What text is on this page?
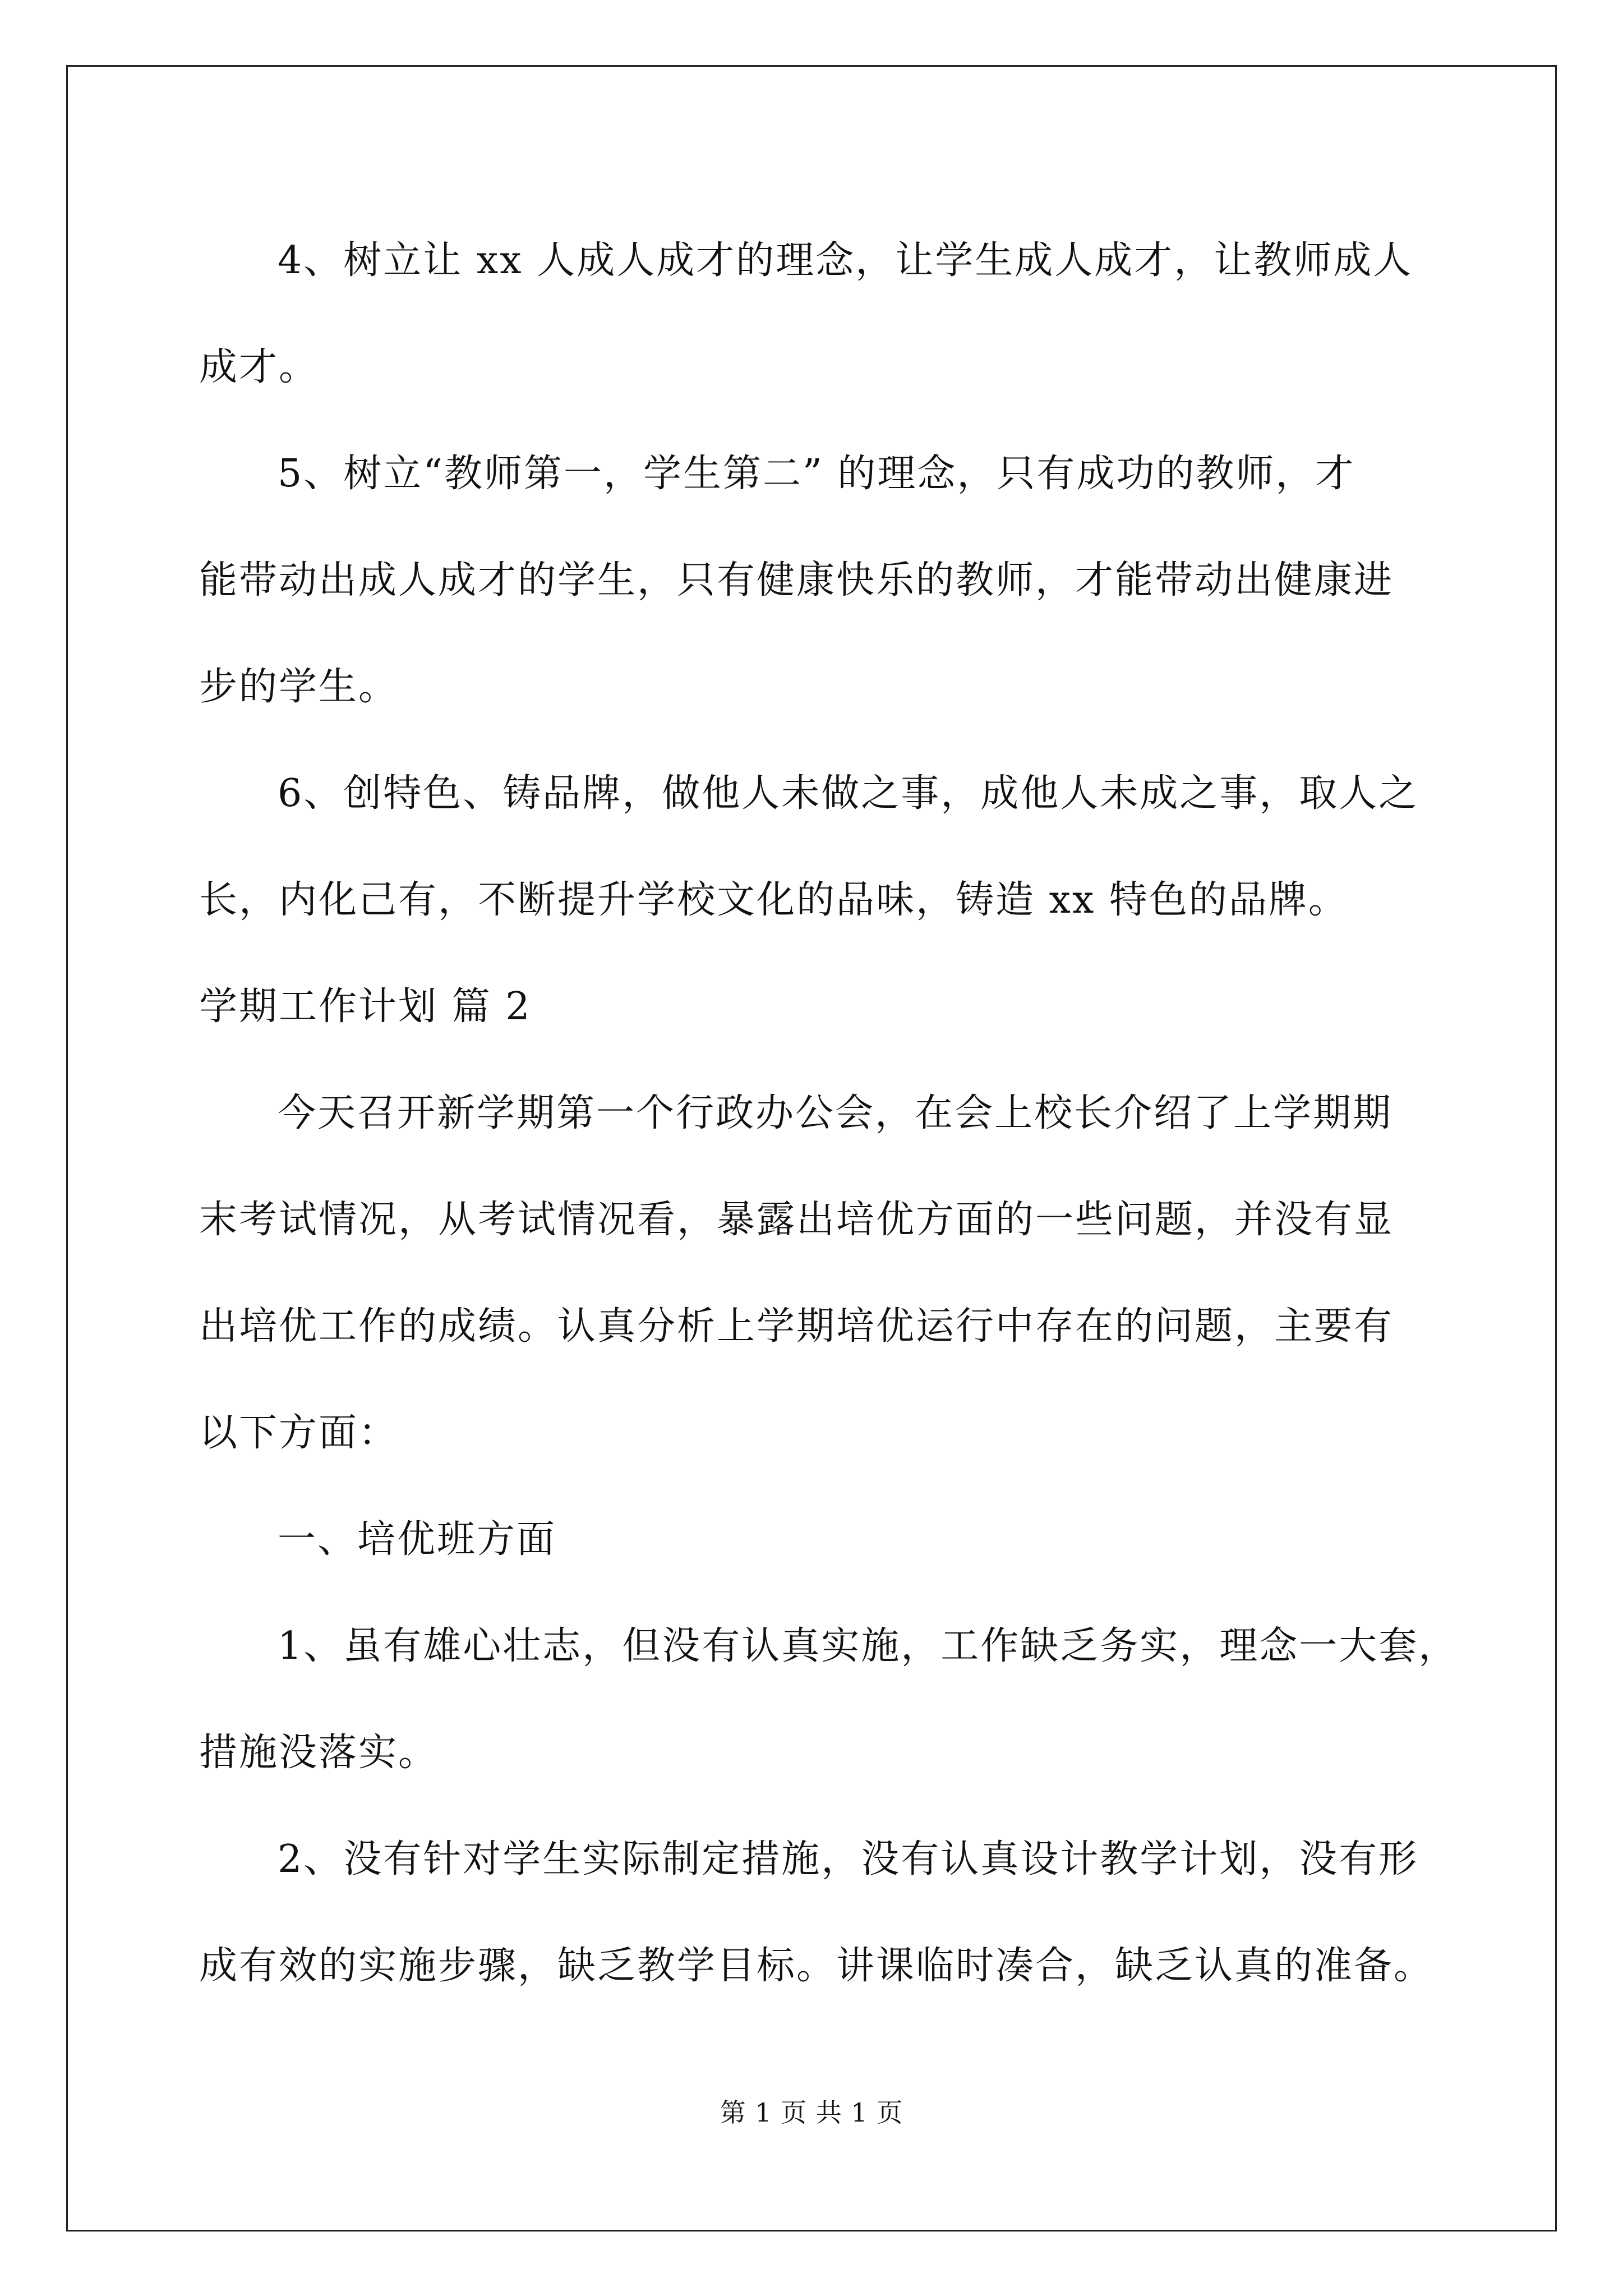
4、树立让 xx 人成人成才的理念，让学生成人成才，让教师成人

成才。

5、树立“教师第一，学生第二” 的理念，只有成功的教师，才

能带动出成人成才的学生，只有健康快乐的教师，才能带动出健康进

步的学生。

6、创特色、铸品牌，做他人未做之事，成他人未成之事，取人之

长，内化己有，不断提升学校文化的品味，铸造 xx 特色的品牌。

学期工作计划 篇 2

今天召开新学期第一个行政办公会，在会上校长介绍了上学期期

末考试情况，从考试情况看，暴露出培优方面的一些问题，并没有显

出培优工作的成绩。认真分析上学期培优运行中存在的问题，主要有

以下方面：

一、培优班方面

1、虽有雄心壮志，但没有认真实施，工作缺乏务实，理念一大套，

措施没落实。

2、没有针对学生实际制定措施，没有认真设计教学计划，没有形

成有效的实施步骤，缺乏教学目标。讲课临时凑合，缺乏认真的准备。

第 1 页 共 1 页
